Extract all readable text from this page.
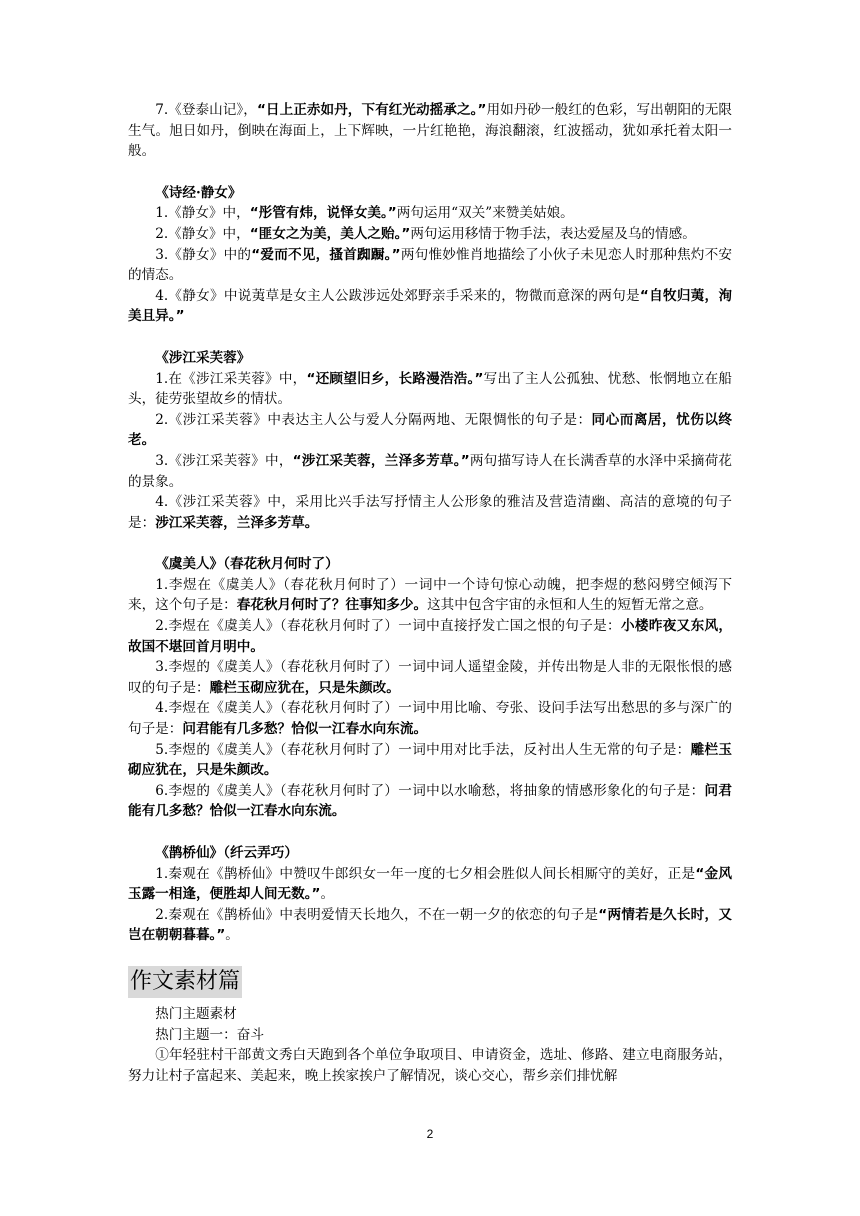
7.《登泰山记》，“日上正赤如丹，下有红光动摇承之。”用如丹砂一般红的色彩，写出朝阳的无限生气。旭日如丹，倒映在海面上，上下辉映，一片红艳艳，海浪翻滚，红波摇动，犹如承托着太阳一般。

《诗经·静女》

1.《静女》中，“彤管有炜，说怿女美。”两句运用“双关”来赞美姑娘。

2.《静女》中，“匪女之为美，美人之贻。”两句运用移情于物手法，表达爱屋及乌的情感。

3.《静女》中的“爱而不见，搔首踟蹰。”两句惟妙惟肖地描绘了小伙子未见恋人时那种焦灼不安的情态。

4.《静女》中说荑草是女主人公跋涉远处郊野亲手采来的，物微而意深的两句是“自牧归荑，洵美且异。”

《涉江采芙蓉》

1.在《涉江采芙蓉》中，“还顾望旧乡，长路漫浩浩。”写出了主人公孤独、忧愁、怅惘地立在船头，徒劳张望故乡的情状。

2.《涉江采芙蓉》中表达主人公与爱人分隔两地、无限惆怅的句子是：同心而离居，忧伤以终老。

3.《涉江采芙蓉》中，“涉江采芙蓉，兰泽多芳草。”两句描写诗人在长满香草的水泽中采摘荷花的景象。

4.《涉江采芙蓉》中，采用比兴手法写抒情主人公形象的雅洁及营造清幽、高洁的意境的句子是：涉江采芙蓉，兰泽多芳草。

《虞美人》（春花秋月何时了）

1.李煜在《虞美人》（春花秋月何时了）一词中一个诗句惊心动魄，把李煜的愁闷劈空倾泻下来，这个句子是：春花秋月何时了？往事知多少。这其中包含宇宙的永恒和人生的短暂无常之意。

2.李煜在《虞美人》（春花秋月何时了）一词中直接抒发亡国之恨的句子是：小楼昨夜又东风，故国不堪回首月明中。

3.李煜的《虞美人》（春花秋月何时了）一词中词人遥望金陵，并传出物是人非的无限怅恨的感叹的句子是：雕栏玉砌应犹在，只是朱颜改。

4.李煜在《虞美人》（春花秋月何时了）一词中用比喻、夸张、设问手法写出愁思的多与深广的句子是：问君能有几多愁？恰似一江春水向东流。

5.李煜的《虞美人》（春花秋月何时了）一词中用对比手法，反衬出人生无常的句子是：雕栏玉砌应犹在，只是朱颜改。

6.李煜的《虞美人》（春花秋月何时了）一词中以水喻愁，将抽象的情感形象化的句子是：问君能有几多愁？恰似一江春水向东流。

《鹊桥仙》（纤云弄巧）

1.秦观在《鹊桥仙》中赞叹牛郎织女一年一度的七夕相会胜似人间长相厮守的美好，正是“金风玉露一相逢，便胜却人间无数。”。

2.秦观在《鹊桥仙》中表明爱情天长地久，不在一朝一夕的依恋的句子是“两情若是久长时，又岂在朝朝暮暮。”。

作文素材篇

热门主题素材

热门主题一：奋斗

①年轻驻村干部黄文秀白天跑到各个单位争取项目、申请资金，选址、修路、建立电商服务站，努力让村子富起来、美起来，晚上挨家挨户了解情况，谈心交心，帮乡亲们排忧解

2
